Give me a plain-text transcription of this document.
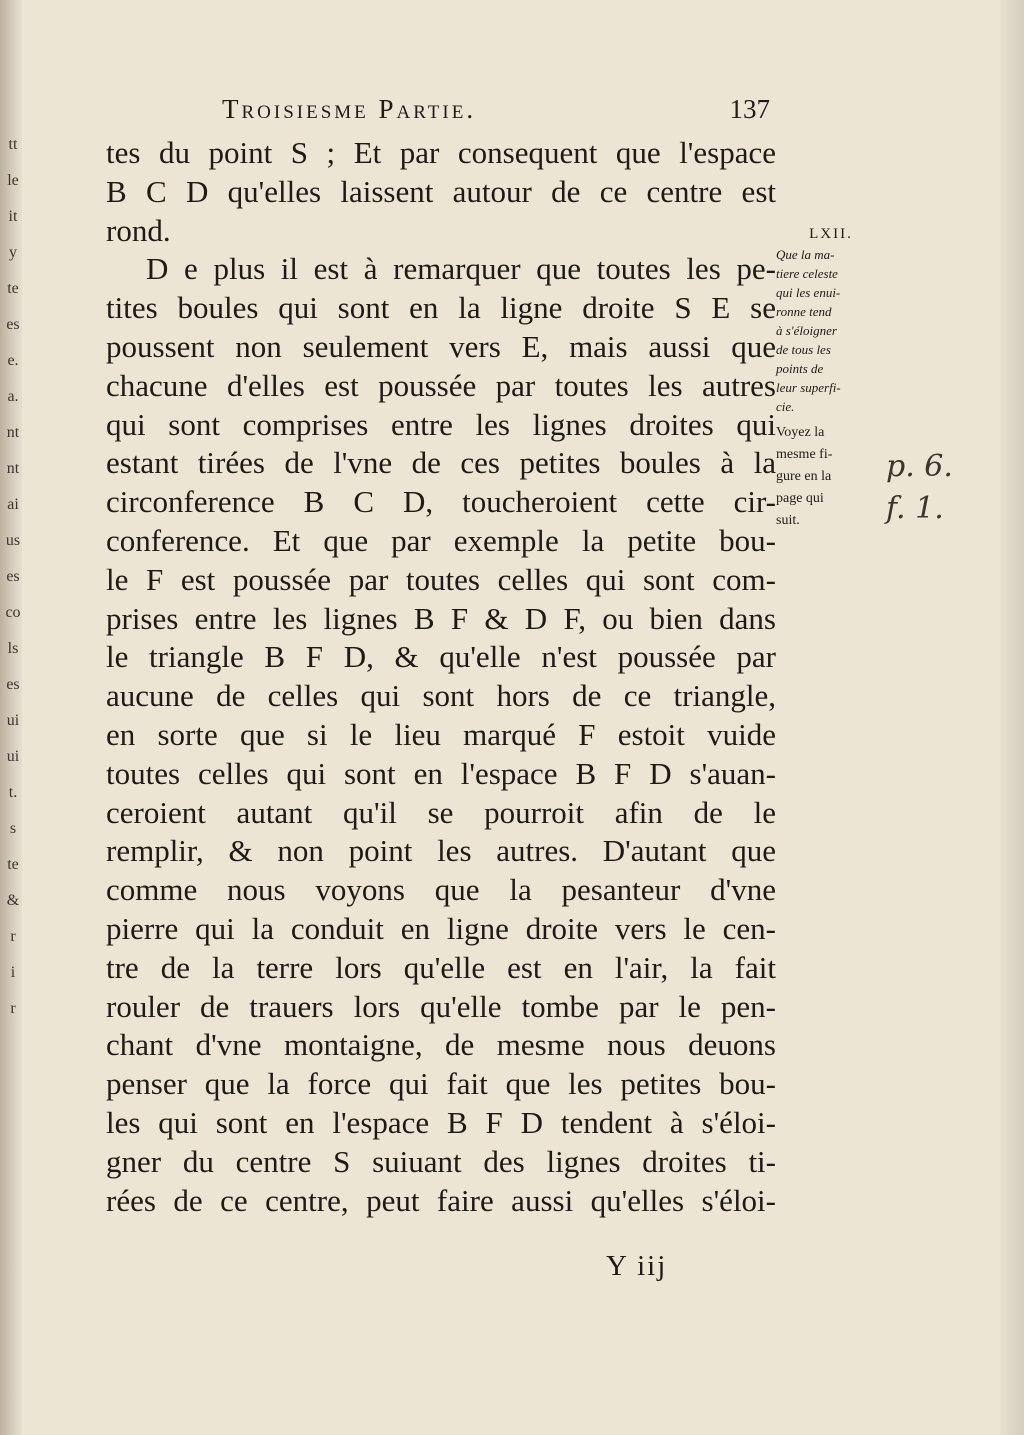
tt
le
it
y
te
es
e.
a.
nt
nt
ai
us
es
co
ls
es
ui
ui
t.
s
te
&
r
i
r
Troisiesme Partie.	137
tes du point S ; Et par consequent que l'espace
B C D qu'elles laissent autour de ce centre est
rond.
D e plus il est à remarquer que toutes les pe-
tites boules qui sont en la ligne droite S E se
poussent non seulement vers E, mais aussi que
chacune d'elles est poussée par toutes les autres
qui sont comprises entre les lignes droites qui
estant tirées de l'vne de ces petites boules à la
circonference B C D, toucheroient cette cir-
conference. Et que par exemple la petite bou-
le F est poussée par toutes celles qui sont com-
prises entre les lignes B F & D F, ou bien dans
le triangle B F D, & qu'elle n'est poussée par
aucune de celles qui sont hors de ce triangle,
en sorte que si le lieu marqué F estoit vuide
toutes celles qui sont en l'espace B F D s'auan-
ceroient autant qu'il se pourroit afin de le
remplir, & non point les autres. D'autant que
comme nous voyons que la pesanteur d'vne
pierre qui la conduit en ligne droite vers le cen-
tre de la terre lors qu'elle est en l'air, la fait
rouler de trauers lors qu'elle tombe par le pen-
chant d'vne montaigne, de mesme nous deuons
penser que la force qui fait que les petites bou-
les qui sont en l'espace B F D tendent à s'éloi-
gner du centre S suiuant des lignes droites ti-
rées de ce centre, peut faire aussi qu'elles s'éloi-
LXII.
Que la ma-
tiere celeste
qui les enui-
ronne tend
à s'éloigner
de tous les
points de
leur superfi-
cie.
Voyez la
mesme fi-
gure en la
page qui
suit.
p. 6.
f. 1.
Y iij
